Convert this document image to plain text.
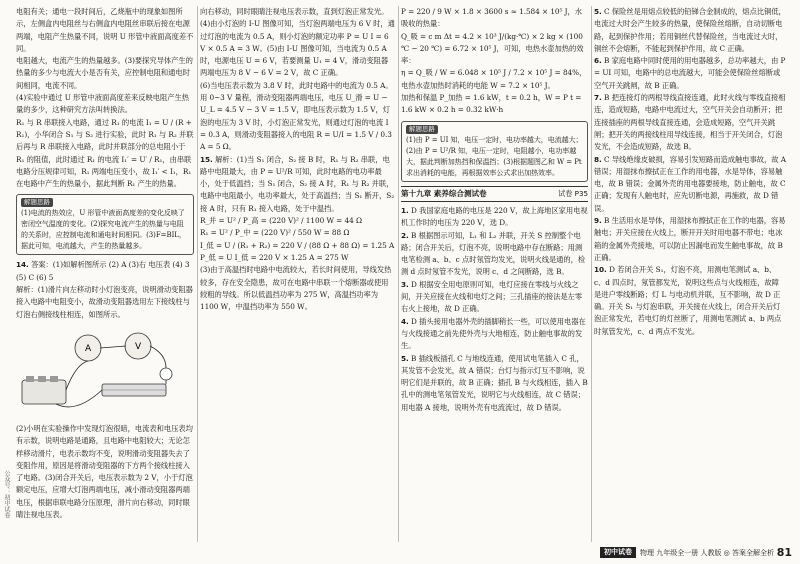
电阻有关；通电一段时间后，乙烧瓶中的现象如图所示，左侧盒内电阻丝与右侧盒内电阻丝串联后接在电源两端，电阻产生热量不同，说明 U 形管中液面高度差不同。

电阻越大，电流产生的热量越多。(3)要探究导体产生的热量的多少与电流大小是否有关，应控制电阻和通电时间相同，电流不同。

(4)实验中通过 U 形管中液面高度差来反映电阻产生热量的多少，这种研究方法叫转换法。

R₁ 与 R 串联接入电路，通过 R₁ 的电流 I₁ = U / (R + R₁)，小华闭合 S₁ 与 S₂ 进行实验，此时 R₁ 与 R₂ 并联后再与 R 串联接入电路，此时并联部分的总电阻小于 R₁ 的阻值，此时通过 R₁ 的电流 I₁′ = U′ / R₁，由串联电路分压规律可知，R₁ 两端电压变小，故 I₁′ < I₁，R₁ 在电路中产生的热量小，据此判断 R₁ 产生的热量。

解题思路

(1)电流的热效应，U 形管中液面高度差的变化反映了密闭空气温度的变化。(2)探究电流产生的热量与电阻的关系时，应控制电流和通电时间相同。(3)F=BIL，据此可知，电流越大，产生的热量越多。

14. 答案：(1)如解析图所示 (2) A (3)右 电压表 (4) 3 (5) C (6) 5

解析：(1)滑片向左移动时小灯泡变亮，说明滑动变阻器接入电路中电阻变小，故滑动变阻器选用左下接线柱与灯泡右侧接线柱相连，如图所示。

A	V

(2)小明在实验操作中发现灯泡很暗，电流表和电压表均有示数，说明电路是通路，且电路中电阻较大；无论怎样移动滑片，电表示数均不变，说明滑动变阻器失去了变阻作用，原因是将滑动变阻器的下方两个接线柱接入了电路。(3)闭合开关后，电压表示数为 2 V，小于灯泡额定电压，应增大灯泡两端电压，减小滑动变阻器两端电压，根据串联电路分压原理，滑片向右移动，同时眼睛注视电压表。

向右移动，同时眼睛注视电压表示数，直到灯泡正常发光。(4)由小灯泡的 I-U 图像可知，当灯泡两端电压为 6 V 时，通过灯泡的电流为 0.5 A，则小灯泡的额定功率 P = U I = 6 V × 0.5 A = 3 W。(5)由 I-U 图像可知，当电流为 0.5 A 时，电源电压 U = 6 V，若要测量 U₁ = 4 V，滑动变阻器两端电压为 8 V − 6 V = 2 V，故 C 正确。

(6)当电压表示数为 3.8 V 时，此时电路中的电流为 0.5 A。用 0~3 V 量程，滑动变阻器两端电压，电压 U_滑 = U − U_L = 4.5 V − 3 V = 1.5 V，即电压表示数为 1.5 V，灯泡的电压为 3 V 时，小灯泡正常发光，则通过灯泡的电流 I = 0.3 A，则滑动变阻器接入的电阻 R = U/I = 1.5 V / 0.3 A = 5 Ω。

15. 解析：(1)当 S₁ 闭合，S₂ 接 B 时，R₁ 与 R₂ 串联，电路中电阻最大，由 P = U²/R 可知，此时电路的电功率最小，处于低温挡；当 S₁ 闭合，S₂ 接 A 时，R₁ 与 R₂ 并联，电路中电阻最小，电功率最大，处于高温挡；当 S₁ 断开，S₂ 接 A 时，只有 R₁ 接入电路，处于中温挡。

R_并 = U² / P_高 = (220 V)² / 1100 W = 44 Ω

R₁ = U² / P_中 = (220 V)² / 550 W = 88 Ω

I_低 = U / (R₁ + R₂) = 220 V / (88 Ω + 88 Ω) = 1.25 A

P_低 = U I_低 = 220 V × 1.25 A = 275 W

(3)由于高温挡时电路中电流较大，若长时间使用，导线发热较多，存在安全隐患，故可在电路中串联一个熔断器或使用较粗的导线。所以低温挡功率为 275 W，高温挡功率为 1100 W，中温挡功率为 550 W。

P = 220 / 9 W × 1.8 × 3600 s ≈ 1.584 × 10⁵ J，水吸收的热量：

Q_吸 = c m Δt = 4.2 × 10³ J/(kg·℃) × 2 kg × (100 ℃ − 20 ℃) = 6.72 × 10⁵ J，可知，电热水壶加热的效率：

η = Q_吸 / W = 6.048 × 10⁵ J / 7.2 × 10⁵ J = 84%，电热水壶加热时消耗的电能 W = 7.2 × 10⁵ J。

加热和保温 P_加热 = 1.6 kW，t = 0.2 h，W = P t = 1.6 kW × 0.2 h = 0.32 kW·h

解题思路

(1)由 P = UI 知，电压一定时，电功率越大，电流越大；(2)由 P = U²/R 知，电压一定时，电阻越小，电功率越大，据此判断加热挡和保温挡；(3)根据题图乙和 W = Pt 求出消耗的电能，再根据效率公式求出加热效率。

第十九章 素养综合测试卷	试卷 P35

1. D 我国家庭电路的电压是 220 V，故上海地区家用电视机工作时的电压为 220 V，选 D。

2. B 根据图示可知，L₁ 和 L₂ 并联，开关 S 控制整个电路；闭合开关后，灯泡不亮，说明电路中存在断路；用测电笔检测 a、b、c 点时氖管均发光，说明火线是通的，检测 d 点时氖管不发光，说明 c、d 之间断路，选 B。

3. D 根据安全用电原则可知，电灯应接在零线与火线之间，开关应接在火线和电灯之间；三孔插座的接法是左零右火上接地，故 D 正确。

4. D 插头接用电器外壳的插脚稍长一些，可以使用电器在与火线接通之前先使外壳与大地相连，防止触电事故的发生。

5. B 插线板插孔 C 与地线连通，使用试电笔插入 C 孔，其发管不会发光，故 A 错误；台灯与指示灯互不影响，说明它们是并联的，故 B 正确；插孔 B 与火线相连，插入 B 孔中的测电笔氖管发光，说明它与火线相连，故 C 错误；用电器 A 接地，说明外壳有电流流过，故 D 错误。

5. C 保险丝是用熔点较低的铅锑合金制成的，熔点比铜低，电流过大时会产生较多的热量，使保险丝熔断，自动切断电路，起到保护作用；若用铜丝代替保险丝，当电流过大时，铜丝不会熔断，不能起到保护作用，故 C 正确。

6. B 家庭电路中同时使用的用电器越多，总功率越大，由 P = UI 可知，电路中的总电流越大，可能会使保险丝熔断或空气开关跳闸，故 B 正确。

7. B 把连接灯的两根导线直接连通，此时火线与零线直接相连，造成短路，电路中电流过大，空气开关会自动断开；把连接插座的两根导线直接连通，会造成短路，空气开关跳闸；把开关的两接线柱用导线连接，相当于开关闭合，灯泡发光，不会造成短路，故选 B。

8. C 导线绝缘皮破损，容易引发短路而造成触电事故，故 A 错误；用湿抹布擦拭正在工作的用电器，水是导体，容易触电，故 B 错误；金属外壳的用电器要接地，防止触电，故 C 正确；发现有人触电时，应先切断电源，再施救，故 D 错误。

9. B 生活用水是导体，用湿抹布擦拭正在工作的电器，容易触电；开关应接在火线上，断开开关时用电器不带电；电冰箱的金属外壳接地，可以防止因漏电而发生触电事故，故 B 正确。

10. D 若闭合开关 S₁，灯泡不亮，用测电笔测试 a、b、c、d 四点时，氖管都发光，说明这些点与火线相连，故障是进户零线断路；灯 L 与电动机并联，互不影响，故 D 正确。开关 S₁ 与灯泡串联，开关接在火线上，闭合开关后灯泡正常发光，若电灯的灯丝断了，用测电笔测试 a、b 两点时氖管发光，c、d 两点不发光。

公众号：初中试卷
初中试卷	物理 九年级全一册 人教版 ◎ 答案全解全析 81
